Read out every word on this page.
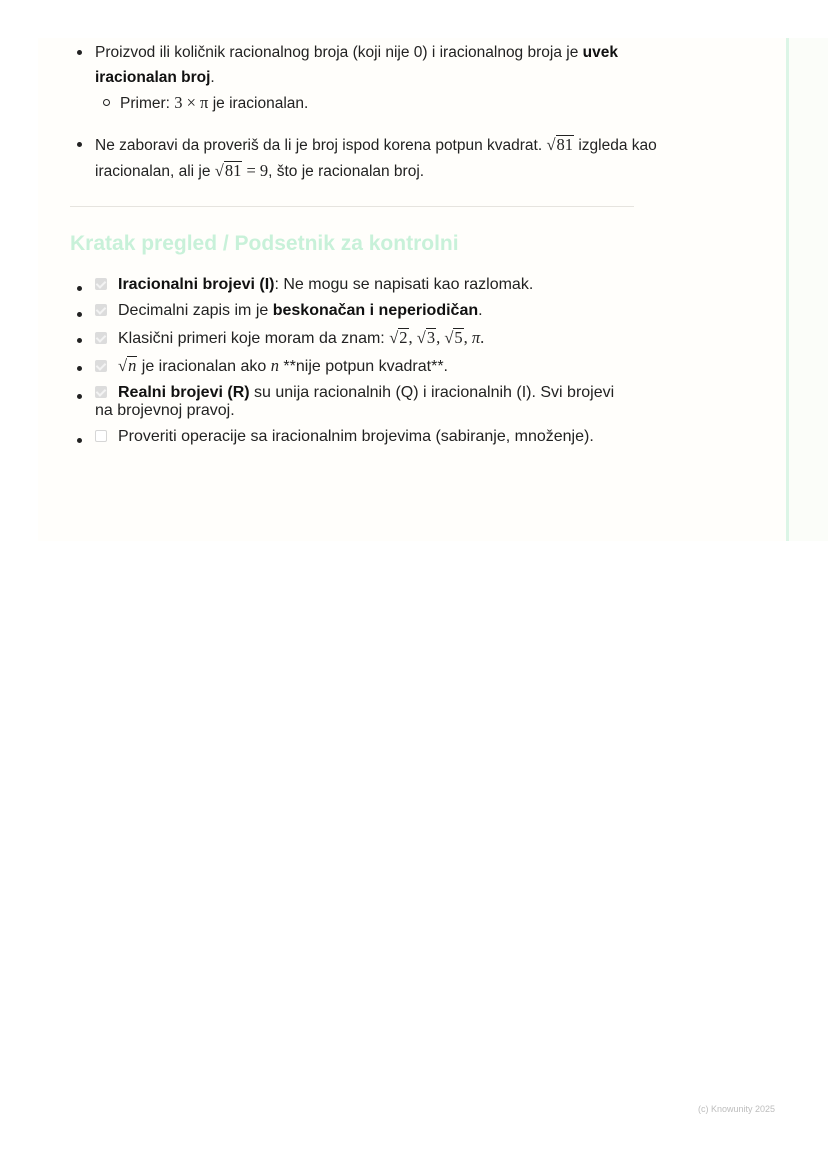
Proizvod ili količnik racionalnog broja (koji nije 0) i iracionalnog broja je uvek iracionalan broj.
Primer: 3 × π je iracionalan.
Ne zaboravi da proveriš da li je broj ispod korena potpun kvadrat. √81 izgleda kao iracionalan, ali je √81 = 9, što je racionalan broj.
Kratak pregled / Podsetnik za kontrolni
Iracionalni brojevi (I): Ne mogu se napisati kao razlomak.
Decimalni zapis im je beskonačan i neperiodičan.
Klasični primeri koje moram da znam: √2, √3, √5, π.
√n je iracionalan ako n **nije potpun kvadrat**.
Realni brojevi (R) su unija racionalnih (Q) i iracionalnih (I). Svi brojevi na brojevnoj pravoj.
Proveriti operacije sa iracionalnim brojevima (sabiranje, množenje).
(c) Knowunity 2025
